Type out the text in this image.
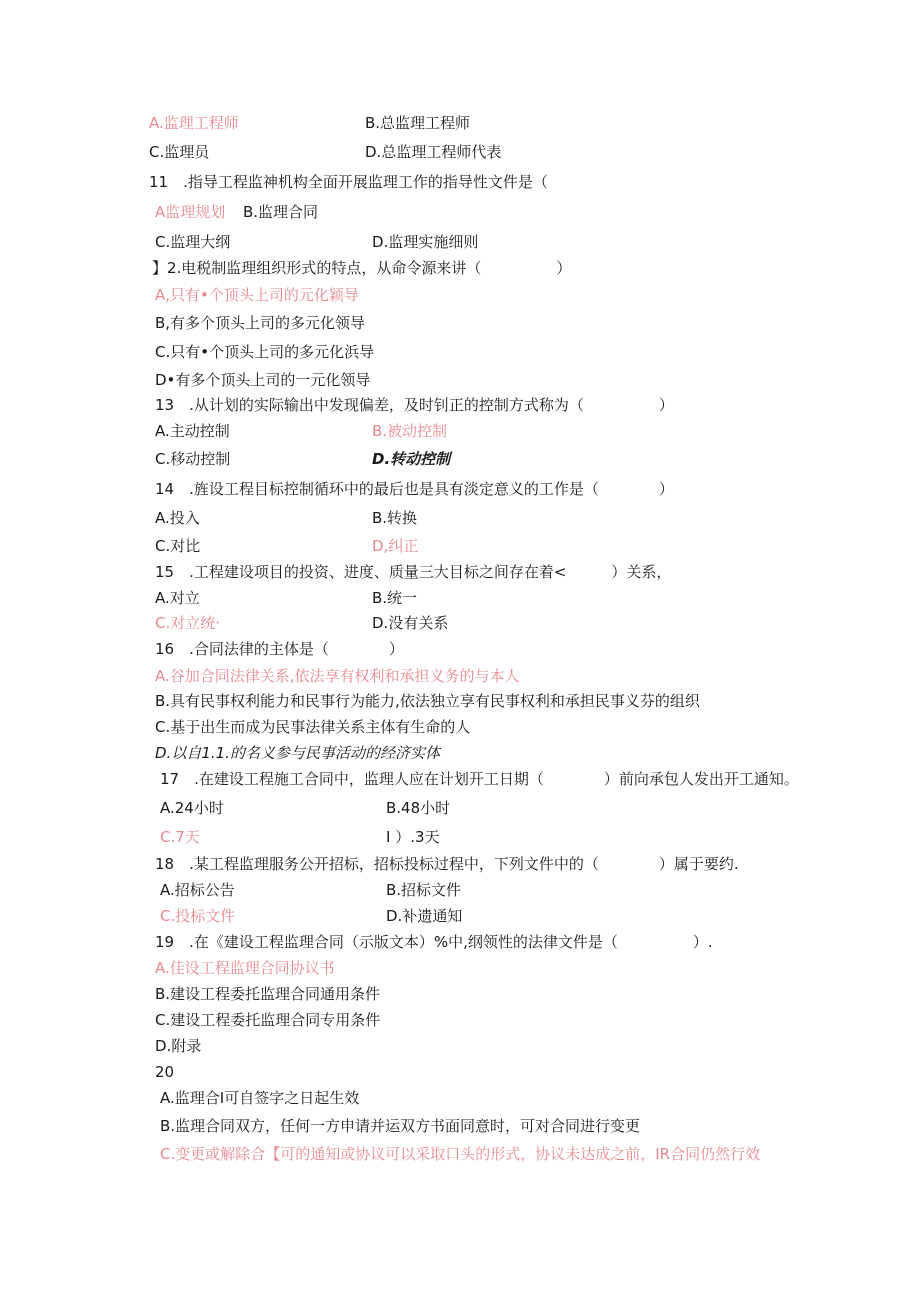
A.监理工程师	B.总监理工程师
C.监理员	D.总监理工程师代表
11　.指导工程监神机构全面开展监理工作的指导性文件是（
A监理规划 B.监理合同
C.监理大纲	D.监理实施细则
】2.电税制监理组织形式的特点，从命令源来讲（　　　　　）
A,只有•个顶头上司的元化颖导
B,有多个顶头上司的多元化领导
C.只有•个顶头上司的多元化浜导
D•有多个顶头上司的一元化领导
13　.从计划的实际输出中发现偏差，及时钊正的控制方式称为（　　　　　）
A.主动控制	B.被动控制
C.移动控制	D.转动控制
14　.旌设工程目标控制循环中的最后也是具有淡定意义的工作是（　　　　）
A.投入	B.转换
C.对比	D,纠正
15　.工程建设项目的投资、进度、质量三大目标之间存在着<　　　）关系，
A.对立	B.统一
C.对立统·	D.没有关系
16　.合同法律的主体是（　　　　）
A.谷加合同法律关系,依法享有权利和承担义务的与本人
B.具有民事权利能力和民事行为能力,依法独立享有民事权利和承担民事义芬的组织
C.基于出生而成为民事法律关系主体有生命的人
D.以自1.1.的名义参与民事活动的经济实体
17　.在建设工程施工合同中，监理人应在计划开工日期（　　　　）前向承包人发出开工通知。
A.24小时	B.48小时
C.7天	I ）.3天
18　.某工程监理服务公开招标，招标投标过程中，下列文件中的（　　　　）属于要约.
A.招标公告	B.招标文件
C.投标文件	D.补遗通知
19　.在《建设工程监理合同（示版文本）%中,纲领性的法律文件是（　　　　　）.
A.佳设工程监理合同协议书
B.建设工程委托监理合同通用条件
C.建设工程委托监理合同专用条件
D.附录
20
A.监理合I可自签字之日起生效
B.监理合同双方，任何一方申请并运双方书面同意时，可对合同进行变更
C.变更或解除合【可的通知或协议可以采取口头的形式，协议未达成之前，IR合同仍然行效
